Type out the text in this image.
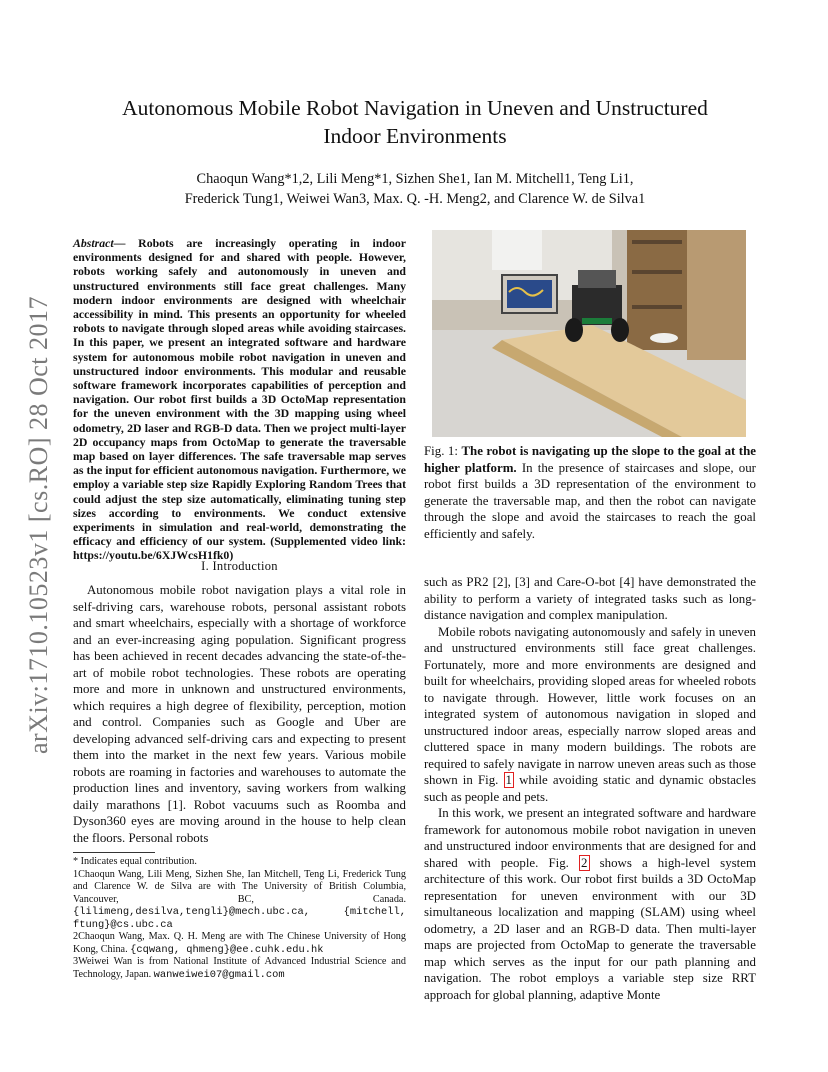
arXiv:1710.10523v1 [cs.RO] 28 Oct 2017
Autonomous Mobile Robot Navigation in Uneven and Unstructured
Indoor Environments
Chaoqun Wang*1,2, Lili Meng*1, Sizhen She1, Ian M. Mitchell1, Teng Li1,
Frederick Tung1, Weiwei Wan3, Max. Q. -H. Meng2, and Clarence W. de Silva1
Abstract— Robots are increasingly operating in indoor environments designed for and shared with people. However, robots working safely and autonomously in uneven and unstructured environments still face great challenges. Many modern indoor environments are designed with wheelchair accessibility in mind. This presents an opportunity for wheeled robots to navigate through sloped areas while avoiding staircases. In this paper, we present an integrated software and hardware system for autonomous mobile robot navigation in uneven and unstructured indoor environments. This modular and reusable software framework incorporates capabilities of perception and navigation. Our robot first builds a 3D OctoMap representation for the uneven environment with the 3D mapping using wheel odometry, 2D laser and RGB-D data. Then we project multi-layer 2D occupancy maps from OctoMap to generate the traversable map based on layer differences. The safe traversable map serves as the input for efficient autonomous navigation. Furthermore, we employ a variable step size Rapidly Exploring Random Trees that could adjust the step size automatically, eliminating tuning step sizes according to environments. We conduct extensive experiments in simulation and real-world, demonstrating the efficacy and efficiency of our system. (Supplemented video link: https://youtu.be/6XJWcsH1fk0)
I. Introduction
Autonomous mobile robot navigation plays a vital role in self-driving cars, warehouse robots, personal assistant robots and smart wheelchairs, especially with a shortage of workforce and an ever-increasing aging population. Significant progress has been achieved in recent decades advancing the state-of-the-art of mobile robot technologies. These robots are operating more and more in unknown and unstructured environments, which requires a high degree of flexibility, perception, motion and control. Companies such as Google and Uber are developing advanced self-driving cars and expecting to present them into the market in the next few years. Various mobile robots are roaming in factories and warehouses to automate the production lines and inventory, saving workers from walking daily marathons [1]. Robot vacuums such as Roomba and Dyson360 eyes are moving around in the house to help clean the floors. Personal robots

* Indicates equal contribution.

1Chaoqun Wang, Lili Meng, Sizhen She, Ian Mitchell, Teng Li, Frederick Tung and Clarence W. de Silva are with The University of British Columbia, Vancouver, BC, Canada. {lilimeng,desilva,tengli}@mech.ubc.ca, {mitchell, ftung}@cs.ubc.ca

2Chaoqun Wang, Max. Q. H. Meng are with The Chinese University of Hong Kong, China. {cqwang, qhmeng}@ee.cuhk.edu.hk

3Weiwei Wan is from National Institute of Advanced Industrial Science and Technology, Japan. wanweiwei07@gmail.com

Fig. 1: The robot is navigating up the slope to the goal at the higher platform. In the presence of staircases and slope, our robot first builds a 3D representation of the environment to generate the traversable map, and then the robot can navigate through the slope and avoid the staircases to reach the goal efficiently and safely.

such as PR2 [2], [3] and Care-O-bot [4] have demonstrated the ability to perform a variety of integrated tasks such as long-distance navigation and complex manipulation.

Mobile robots navigating autonomously and safely in uneven and unstructured environments still face great challenges. Fortunately, more and more environments are designed and built for wheelchairs, providing sloped areas for wheeled robots to navigate through. However, little work focuses on an integrated system of autonomous navigation in sloped and unstructured indoor areas, especially narrow sloped areas and cluttered space in many modern buildings. The robots are required to safely navigate in narrow uneven areas such as those shown in Fig. 1 while avoiding static and dynamic obstacles such as people and pets.

In this work, we present an integrated software and hardware framework for autonomous mobile robot navigation in uneven and unstructured indoor environments that are designed for and shared with people. Fig. 2 shows a high-level system architecture of this work. Our robot first builds a 3D OctoMap representation for uneven environment with our 3D simultaneous localization and mapping (SLAM) using wheel odometry, a 2D laser and an RGB-D data. Then multi-layer maps are projected from OctoMap to generate the traversable map which serves as the input for our path planning and navigation. The robot employs a variable step size RRT approach for global planning, adaptive Monte
